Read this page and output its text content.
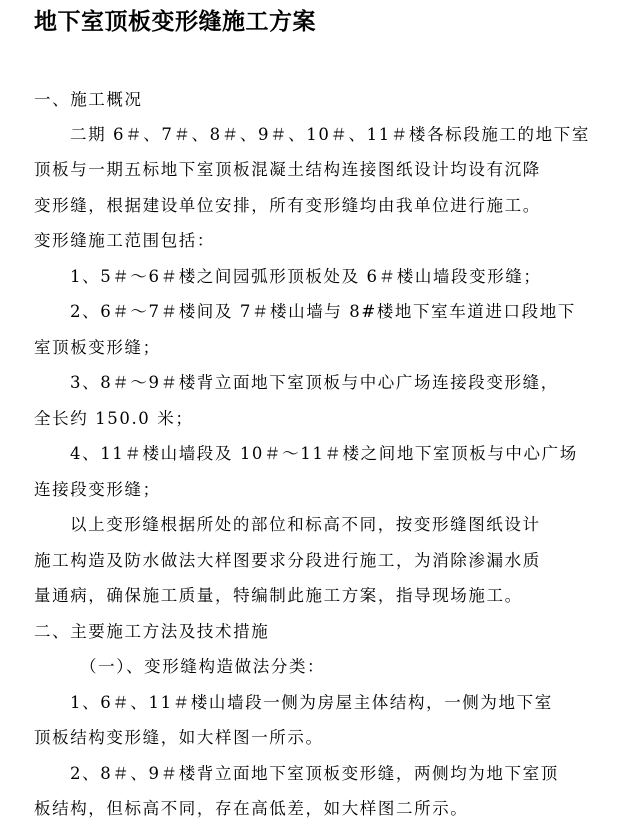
地下室顶板变形缝施工方案
一、施工概况
二期 6＃、7＃、8＃、9＃、10＃、11＃楼各标段施工的地下室
顶板与一期五标地下室顶板混凝土结构连接图纸设计均设有沉降
变形缝，根据建设单位安排，所有变形缝均由我单位进行施工。
变形缝施工范围包括：
1、5＃～6＃楼之间园弧形顶板处及 6＃楼山墙段变形缝；
2、6＃～7＃楼间及 7＃楼山墙与 8#楼地下室车道进口段地下
室顶板变形缝；
3、8＃～9＃楼背立面地下室顶板与中心广场连接段变形缝，
全长约 150.0 米；
4、11＃楼山墙段及 10＃～11＃楼之间地下室顶板与中心广场
连接段变形缝；
以上变形缝根据所处的部位和标高不同，按变形缝图纸设计
施工构造及防水做法大样图要求分段进行施工，为消除渗漏水质
量通病，确保施工质量，特编制此施工方案，指导现场施工。
二、主要施工方法及技术措施
（一）、变形缝构造做法分类：
1、6＃、11＃楼山墙段一侧为房屋主体结构，一侧为地下室
顶板结构变形缝，如大样图一所示。
2、8＃、9＃楼背立面地下室顶板变形缝，两侧均为地下室顶
板结构，但标高不同，存在高低差，如大样图二所示。
